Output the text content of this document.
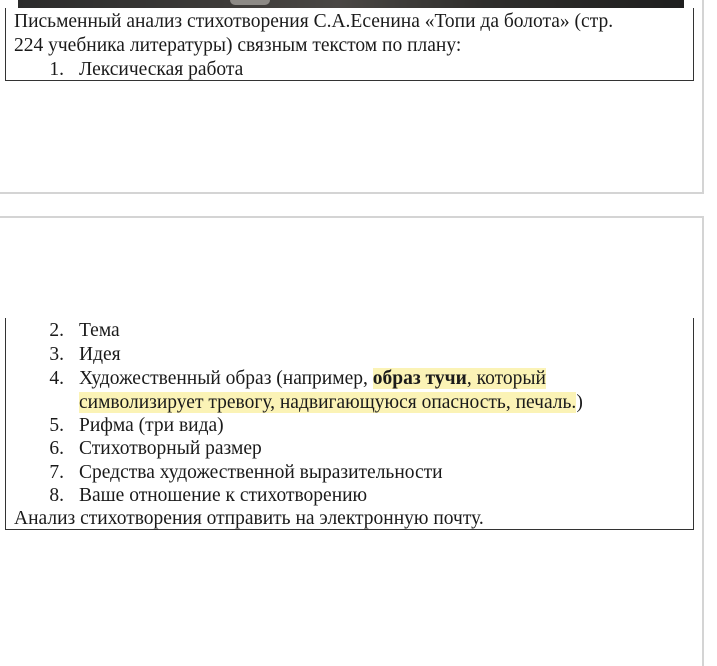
Письменный анализ стихотворения С.А.Есенина «Топи да болота» (стр.
224 учебника литературы) связным текстом по плану:
1. Лексическая работа
2. Тема
3. Идея
4. Художественный образ (например, образ тучи, который
символизирует тревогу, надвигающуюся опасность, печаль.)
5. Рифма (три вида)
6. Стихотворный размер
7. Средства художественной выразительности
8. Ваше отношение к стихотворению
Анализ стихотворения отправить на электронную почту.
